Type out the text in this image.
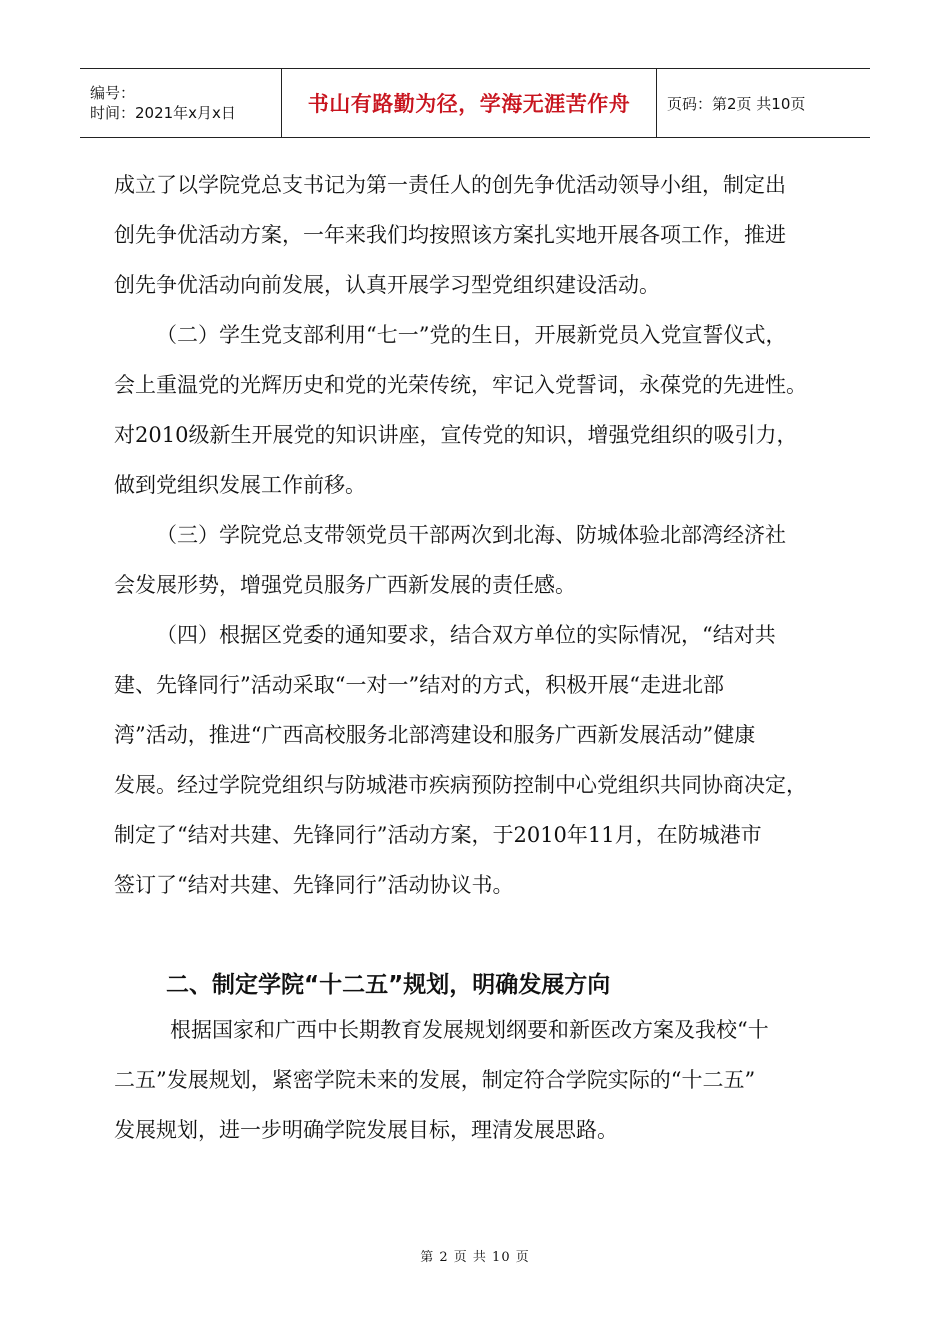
编号：
时间：2021年x月x日	书山有路勤为径，学海无涯苦作舟 页码：第2页 共10页

成立了以学院党总支书记为第一责任人的创先争优活动领导小组，制定出

创先争优活动方案，一年来我们均按照该方案扎实地开展各项工作，推进

创先争优活动向前发展，认真开展学习型党组织建设活动。

（二）学生党支部利用“七一”党的生日，开展新党员入党宣誓仪式，

会上重温党的光辉历史和党的光荣传统，牢记入党誓词，永葆党的先进性。

对2010级新生开展党的知识讲座，宣传党的知识，增强党组织的吸引力，

做到党组织发展工作前移。

（三）学院党总支带领党员干部两次到北海、防城体验北部湾经济社

会发展形势，增强党员服务广西新发展的责任感。

（四）根据区党委的通知要求，结合双方单位的实际情况，“结对共

建、先锋同行”活动采取“一对一”结对的方式，积极开展“走进北部

湾”活动，推进“广西高校服务北部湾建设和服务广西新发展活动”健康

发展。经过学院党组织与防城港市疾病预防控制中心党组织共同协商决定，

制定了“结对共建、先锋同行”活动方案，于2010年11月，在防城港市

签订了“结对共建、先锋同行”活动协议书。

二、制定学院“十二五”规划，明确发展方向

根据国家和广西中长期教育发展规划纲要和新医改方案及我校“十

二五”发展规划，紧密学院未来的发展，制定符合学院实际的“十二五”

发展规划，进一步明确学院发展目标，理清发展思路。

第 2 页 共 10 页
